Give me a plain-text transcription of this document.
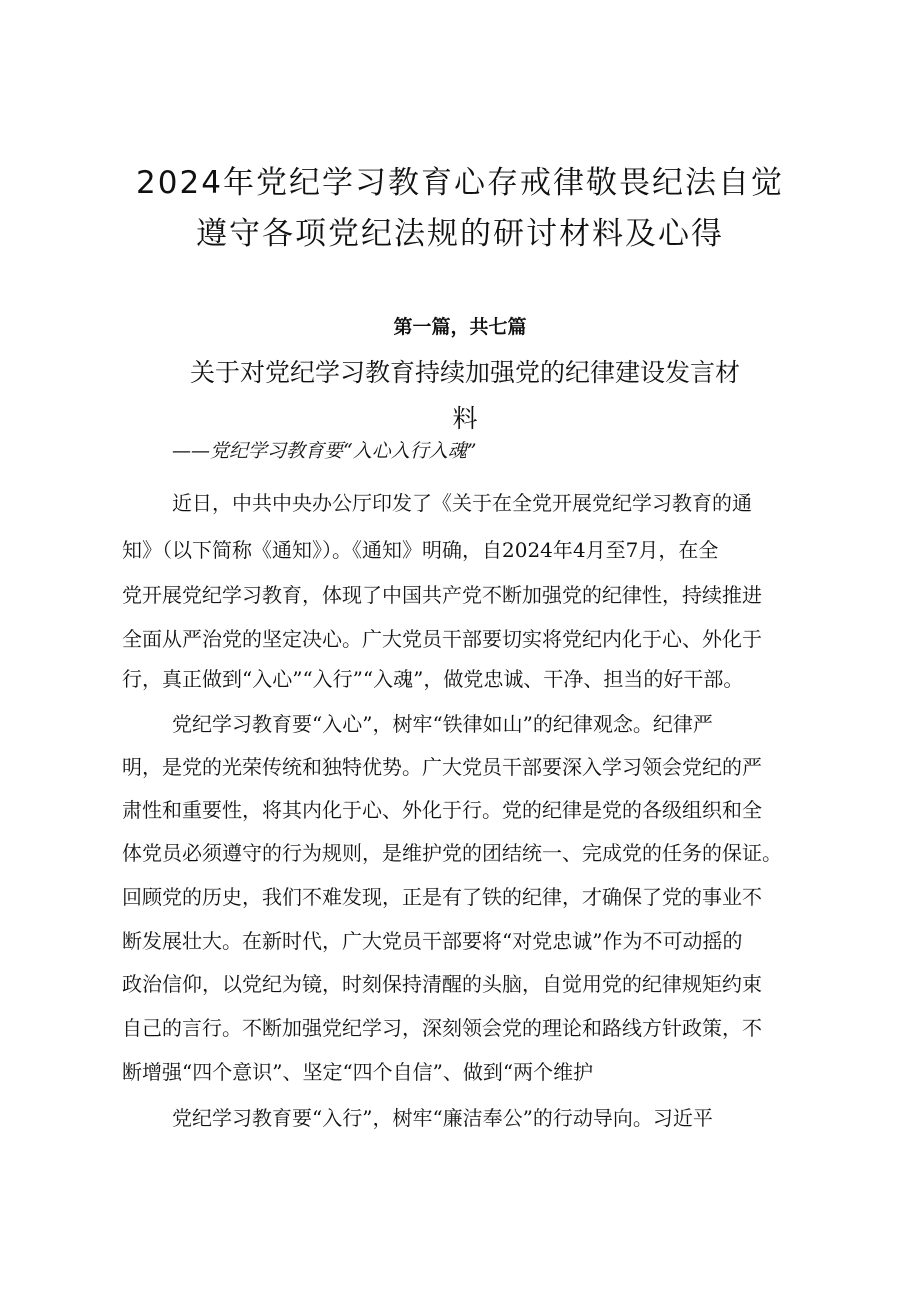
2024年党纪学习教育心存戒律敬畏纪法自觉
遵守各项党纪法规的研讨材料及心得
第一篇，共七篇
关于对党纪学习教育持续加强党的纪律建设发言材
料
——党纪学习教育要“入心入行入魂”
近日，中共中央办公厅印发了《关于在全党开展党纪学习教育的通
知》（以下简称《通知》）。《通知》明确，自2024年4月至7月，在全
党开展党纪学习教育，体现了中国共产党不断加强党的纪律性，持续推进
全面从严治党的坚定决心。广大党员干部要切实将党纪内化于心、外化于
行，真正做到“入心”“入行”“入魂”，做党忠诚、干净、担当的好干部。
党纪学习教育要“入心”，树牢“铁律如山”的纪律观念。纪律严
明，是党的光荣传统和独特优势。广大党员干部要深入学习领会党纪的严
肃性和重要性，将其内化于心、外化于行。党的纪律是党的各级组织和全
体党员必须遵守的行为规则，是维护党的团结统一、完成党的任务的保证。
回顾党的历史，我们不难发现，正是有了铁的纪律，才确保了党的事业不
断发展壮大。在新时代，广大党员干部要将“对党忠诚”作为不可动摇的
政治信仰，以党纪为镜，时刻保持清醒的头脑，自觉用党的纪律规矩约束
自己的言行。不断加强党纪学习，深刻领会党的理论和路线方针政策，不
断增强“四个意识”、坚定“四个自信”、做到“两个维护
党纪学习教育要“入行”，树牢“廉洁奉公”的行动导向。习近平
